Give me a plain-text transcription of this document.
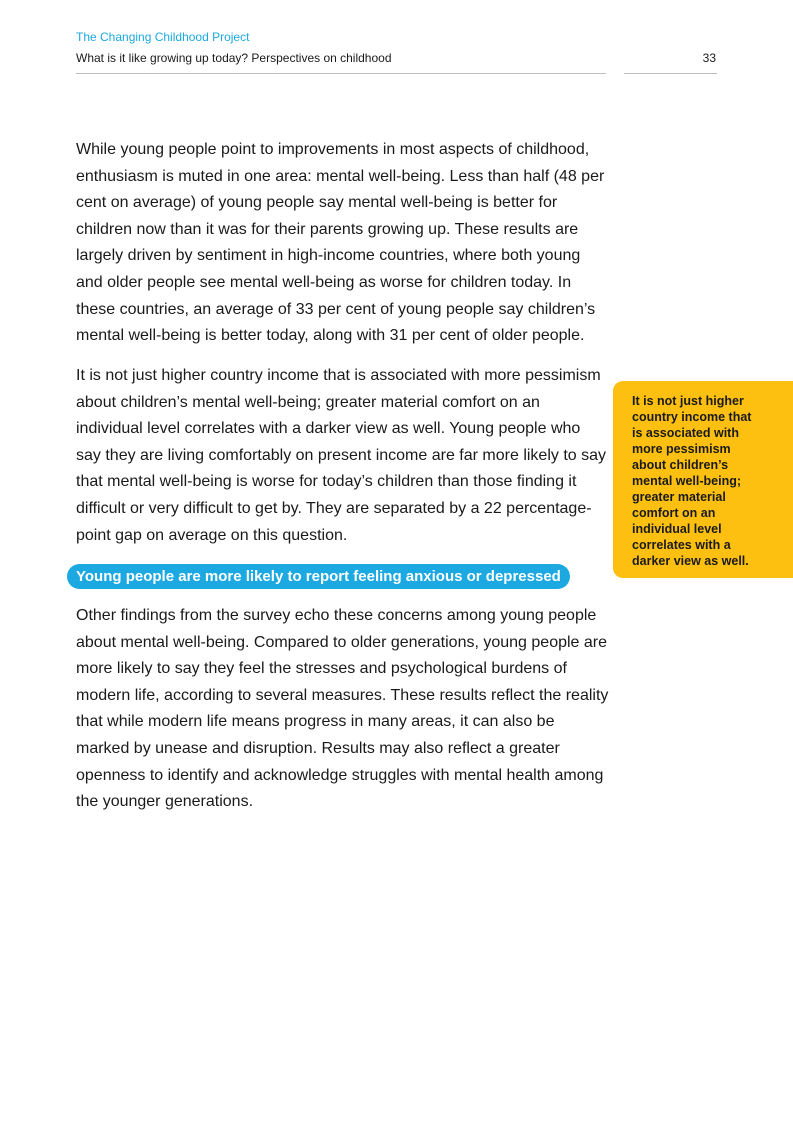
The Changing Childhood Project
What is it like growing up today? Perspectives on childhood	33

While young people point to improvements in most aspects of childhood, enthusiasm is muted in one area: mental well-being. Less than half (48 per cent on average) of young people say mental well-being is better for children now than it was for their parents growing up. These results are largely driven by sentiment in high-income countries, where both young and older people see mental well-being as worse for children today. In these countries, an average of 33 per cent of young people say children’s mental well-being is better today, along with 31 per cent of older people.

It is not just higher country income that is associated with more pessimism about children’s mental well-being; greater material comfort on an individual level correlates with a darker view as well. Young people who say they are living comfortably on present income are far more likely to say that mental well-being is worse for today’s children than those finding it difficult or very difficult to get by. They are separated by a 22 percentage-point gap on average on this question.

Young people are more likely to report feeling anxious or depressed

Other findings from the survey echo these concerns among young people about mental well-being. Compared to older generations, young people are more likely to say they feel the stresses and psychological burdens of modern life, according to several measures. These results reflect the reality that while modern life means progress in many areas, it can also be marked by unease and disruption. Results may also reflect a greater openness to identify and acknowledge struggles with mental health among the younger generations.

It is not just higher country income that is associated with more pessimism about children’s mental well-being; greater material comfort on an individual level correlates with a darker view as well.
